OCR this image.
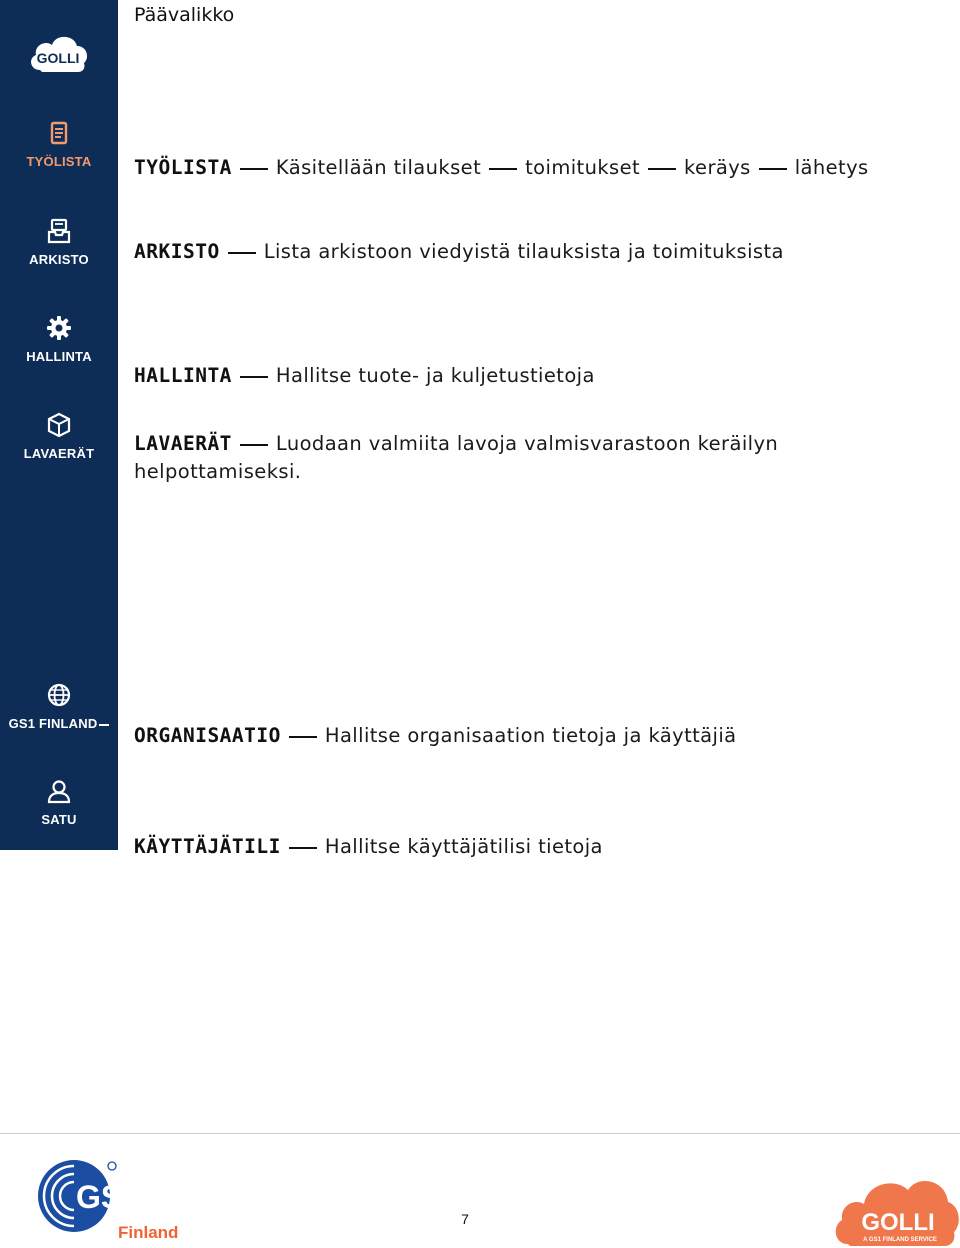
Päävalikko
GOLLI
TYÖLISTA
ARKISTO
HALLINTA
LAVAERÄT
GS1 FINLAND
SATU
TYÖLISTA Käsitellään tilaukset toimitukset keräys lähetys
ARKISTO Lista arkistoon viedyistä tilauksista ja toimituksista
HALLINTA Hallitse tuote- ja kuljetustietoja
LAVAERÄT Luodaan valmiita lavoja valmisvarastoon keräilyn helpottamiseksi.
ORGANISAATIO Hallitse organisaation tietoja ja käyttäjiä
KÄYTTÄJÄTILI Hallitse käyttäjätilisi tietoja
GS1
Finland
7	GOLLI
A GS1 FINLAND SERVICE
